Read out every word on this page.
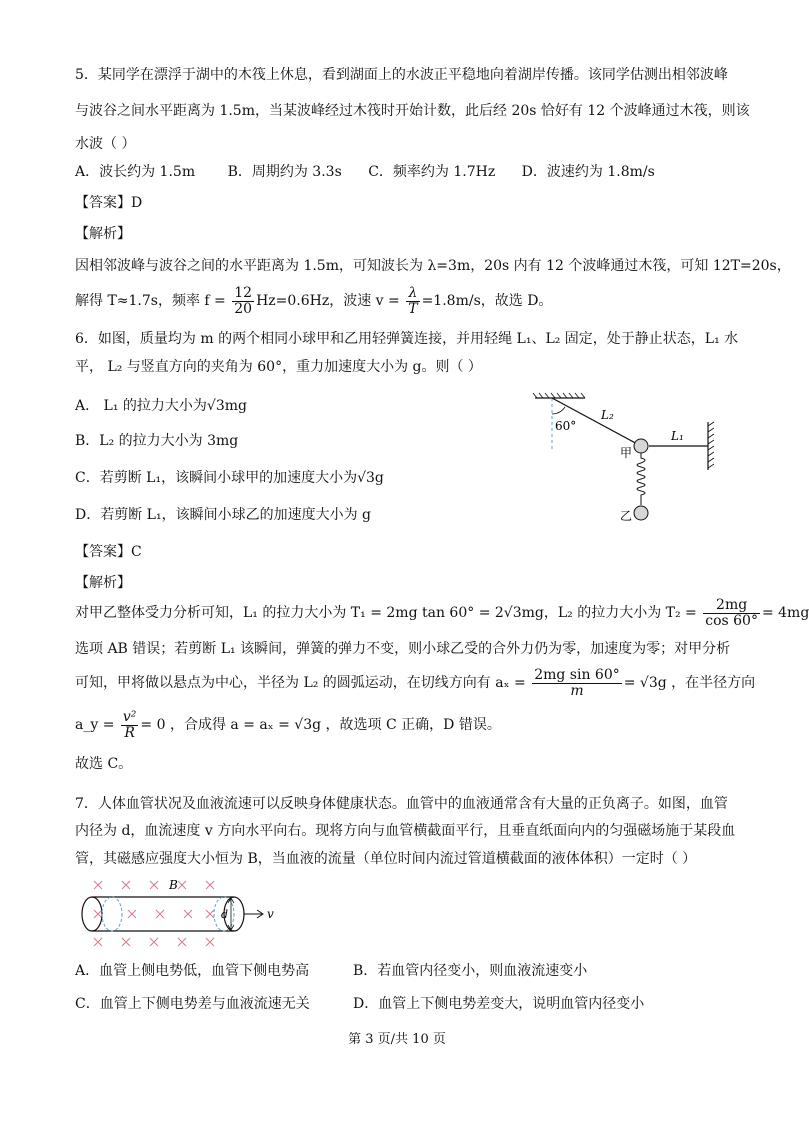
5．某同学在漂浮于湖中的木筏上休息，看到湖面上的水波正平稳地向着湖岸传播。该同学估测出相邻波峰
与波谷之间水平距离为 1.5m，当某波峰经过木筏时开始计数，此后经 20s 恰好有 12 个波峰通过木筏，则该
水波（ ）
A．波长约为 1.5m B．周期约为 3.3s C．频率约为 1.7Hz D．波速约为 1.8m/s
【答案】D
【解析】
因相邻波峰与波谷之间的水平距离为 1.5m，可知波长为 λ=3m，20s 内有 12 个波峰通过木筏，可知 12T=20s，
解得 T≈1.7s，频率 $f = \frac{12}{20} Hz=0.6Hz$，波速 $v = \frac{\lambda}{T} =1.8m/s$，故选 D。
6．如图，质量均为 m 的两个相同小球甲和乙用轻弹簧连接，并用轻绳 L₁、L₂ 固定，处于静止状态，L₁ 水
平， L₂ 与竖直方向的夹角为 60°，重力加速度大小为 g。则（ ）
A． L₁ 的拉力大小为√3mg
B．L₂ 的拉力大小为 3mg
C．若剪断 L₁，该瞬间小球甲的加速度大小为√3g
D．若剪断 L₁，该瞬间小球乙的加速度大小为 g
60°
L₂
L₁
甲
乙
【答案】C
【解析】
对甲乙整体受力分析可知，L₁ 的拉力大小为 T₁ = 2mg tan 60° = 2√3mg，L₂ 的拉力大小为 $T_2 = \frac{2mg}{\cos 60^\circ} = 4mg$
选项 AB 错误；若剪断 L₁ 该瞬间，弹簧的弹力不变，则小球乙受的合外力仍为零，加速度为零；对甲分析
可知，甲将做以悬点为中心，半径为 L₂ 的圆弧运动，在切线方向有 $a_x = \frac{\text{2mg sin 60°}}{m} = √3g$ ，在半径方向
a_y = $\frac{\text{v²}}{R} = 0$ ，合成得 a = aₓ = √3g ，故选项 C 正确，D 错误。
故选 C。
7．人体血管状况及血液流速可以反映身体健康状态。血管中的血液通常含有大量的正负离子。如图，血管
内径为 d，血流速度 v 方向水平向右。现将方向与血管横截面平行，且垂直纸面向内的匀强磁场施于某段血
管，其磁感应强度大小恒为 B，当血液的流量（单位时间内流过管道横截面的液体体积）一定时（ ）
B
d	v
A．血管上侧电势低，血管下侧电势高	B．若血管内径变小，则血液流速变小
C．血管上下侧电势差与血液流速无关	D．血管上下侧电势差变大，说明血管内径变小
第 3 页/共 10 页
